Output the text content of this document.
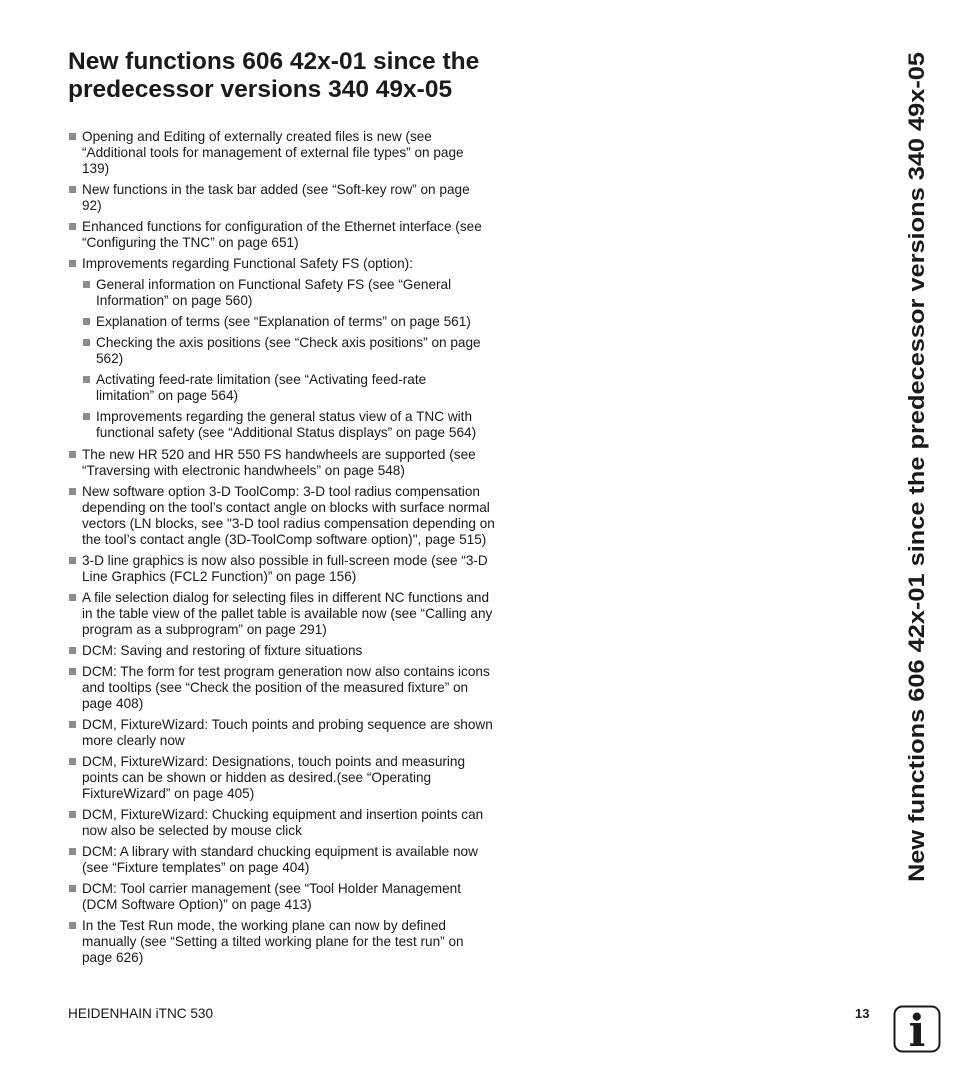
New functions 606 42x-01 since the
predecessor versions 340 49x-05
Opening and Editing of externally created files is new (see
“Additional tools for management of external file types” on page
139)
New functions in the task bar added (see “Soft-key row” on page
92)
Enhanced functions for configuration of the Ethernet interface (see
“Configuring the TNC” on page 651)
Improvements regarding Functional Safety FS (option):
General information on Functional Safety FS (see “General
Information” on page 560)
Explanation of terms (see “Explanation of terms” on page 561)
Checking the axis positions (see “Check axis positions” on page
562)
Activating feed-rate limitation (see “Activating feed-rate
limitation” on page 564)
Improvements regarding the general status view of a TNC with
functional safety (see “Additional Status displays” on page 564)
The new HR 520 and HR 550 FS handwheels are supported (see
“Traversing with electronic handwheels” on page 548)
New software option 3-D ToolComp: 3-D tool radius compensation
depending on the tool’s contact angle on blocks with surface normal
vectors (LN blocks, see "3-D tool radius compensation depending on
the tool’s contact angle (3D-ToolComp software option)", page 515)
3-D line graphics is now also possible in full-screen mode (see “3-D
Line Graphics (FCL2 Function)” on page 156)
A file selection dialog for selecting files in different NC functions and
in the table view of the pallet table is available now (see “Calling any
program as a subprogram” on page 291)
DCM: Saving and restoring of fixture situations
DCM: The form for test program generation now also contains icons
and tooltips (see “Check the position of the measured fixture” on
page 408)
DCM, FixtureWizard: Touch points and probing sequence are shown
more clearly now
DCM, FixtureWizard: Designations, touch points and measuring
points can be shown or hidden as desired.(see “Operating
FixtureWizard” on page 405)
DCM, FixtureWizard: Chucking equipment and insertion points can
now also be selected by mouse click
DCM: A library with standard chucking equipment is available now
(see “Fixture templates” on page 404)
DCM: Tool carrier management (see “Tool Holder Management
(DCM Software Option)” on page 413)
In the Test Run mode, the working plane can now by defined
manually (see “Setting a tilted working plane for the test run” on
page 626)
New functions 606 42x-01 since the predecessor versions 340 49x-05
HEIDENHAIN iTNC 530	13 i
